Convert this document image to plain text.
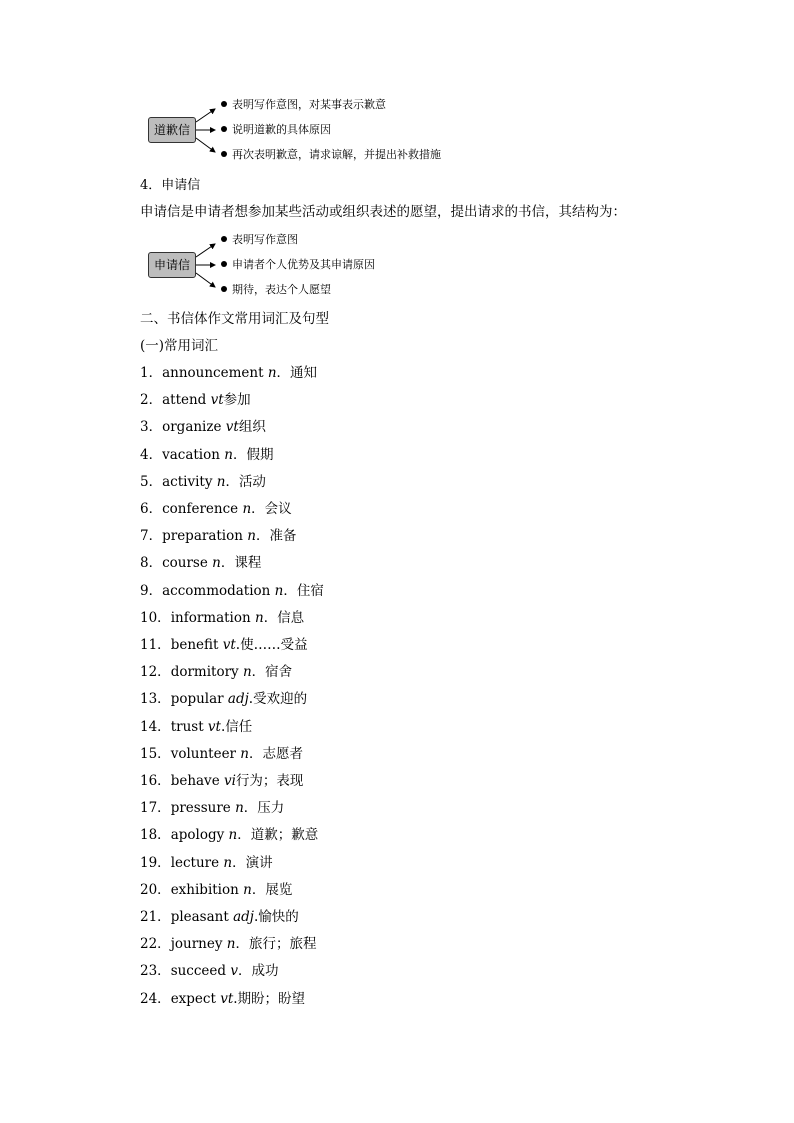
道歉信
表明写作意图，对某事表示歉意
说明道歉的具体原因
再次表明歉意，请求谅解，并提出补救措施
4．申请信
申请信是申请者想参加某些活动或组织表述的愿望，提出请求的书信，其结构为：
申请信
表明写作意图
申请者个人优势及其申请原因
期待，表达个人愿望
二、书信体作文常用词汇及句型
(一)常用词汇
1．announcement n．通知
2．attend vt参加
3．organize vt组织
4．vacation n．假期
5．activity n．活动
6．conference n．会议
7．preparation n．准备
8．course n．课程
9．accommodation n．住宿
10．information n．信息
11．benefit vt.使……受益
12．dormitory n．宿舍
13．popular adj.受欢迎的
14．trust vt.信任
15．volunteer n．志愿者
16．behave vi行为；表现
17．pressure n．压力
18．apology n．道歉；歉意
19．lecture n．演讲
20．exhibition n．展览
21．pleasant adj.愉快的
22．journey n．旅行；旅程
23．succeed v．成功
24．expect vt.期盼；盼望
